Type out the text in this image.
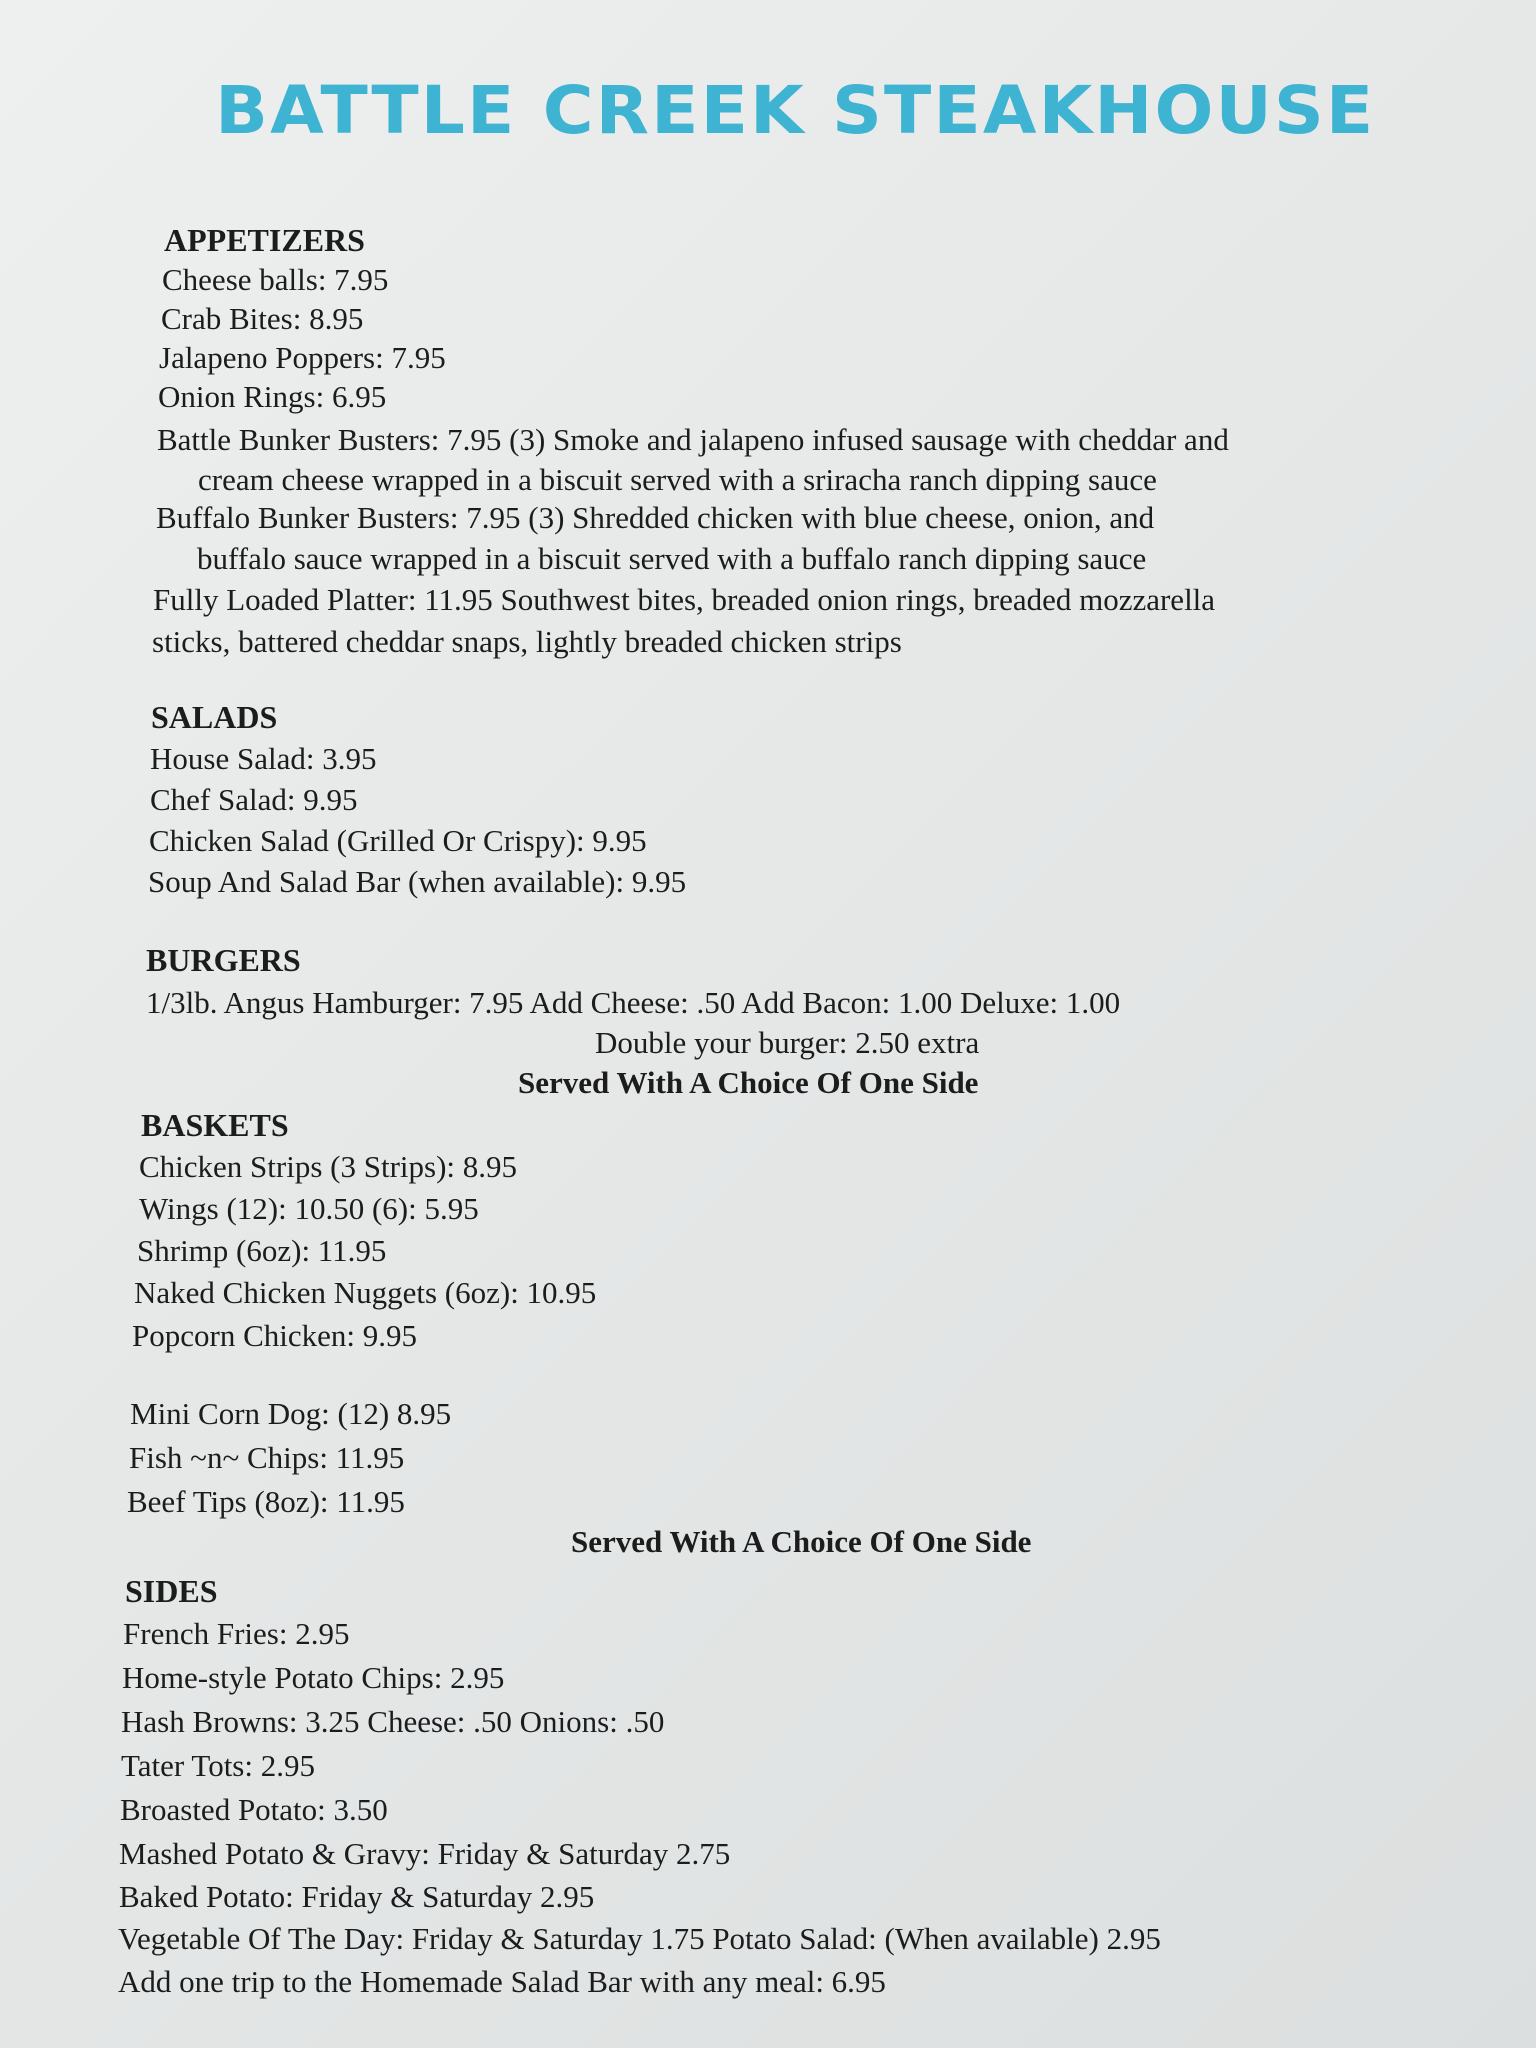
BATTLE CREEK STEAKHOUSE
APPETIZERS
Cheese balls: 7.95
Crab Bites: 8.95
Jalapeno Poppers: 7.95
Onion Rings: 6.95
Battle Bunker Busters: 7.95 (3) Smoke and jalapeno infused sausage with cheddar and
cream cheese wrapped in a biscuit served with a sriracha ranch dipping sauce
Buffalo Bunker Busters: 7.95 (3) Shredded chicken with blue cheese, onion, and
buffalo sauce wrapped in a biscuit served with a buffalo ranch dipping sauce
Fully Loaded Platter: 11.95 Southwest bites, breaded onion rings, breaded mozzarella
sticks, battered cheddar snaps, lightly breaded chicken strips
SALADS
House Salad: 3.95
Chef Salad: 9.95
Chicken Salad (Grilled Or Crispy): 9.95
Soup And Salad Bar (when available): 9.95
BURGERS
1/3lb. Angus Hamburger: 7.95 Add Cheese: .50 Add Bacon: 1.00 Deluxe: 1.00
Double your burger: 2.50 extra
Served With A Choice Of One Side
BASKETS
Chicken Strips (3 Strips): 8.95
Wings (12): 10.50 (6): 5.95
Shrimp (6oz): 11.95
Naked Chicken Nuggets (6oz): 10.95
Popcorn Chicken: 9.95
Mini Corn Dog: (12) 8.95
Fish ~n~ Chips: 11.95
Beef Tips (8oz): 11.95
Served With A Choice Of One Side
SIDES
French Fries: 2.95
Home-style Potato Chips: 2.95
Hash Browns: 3.25 Cheese: .50 Onions: .50
Tater Tots: 2.95
Broasted Potato: 3.50
Mashed Potato & Gravy: Friday & Saturday 2.75
Baked Potato: Friday & Saturday 2.95
Vegetable Of The Day: Friday & Saturday 1.75 Potato Salad: (When available) 2.95
Add one trip to the Homemade Salad Bar with any meal: 6.95
